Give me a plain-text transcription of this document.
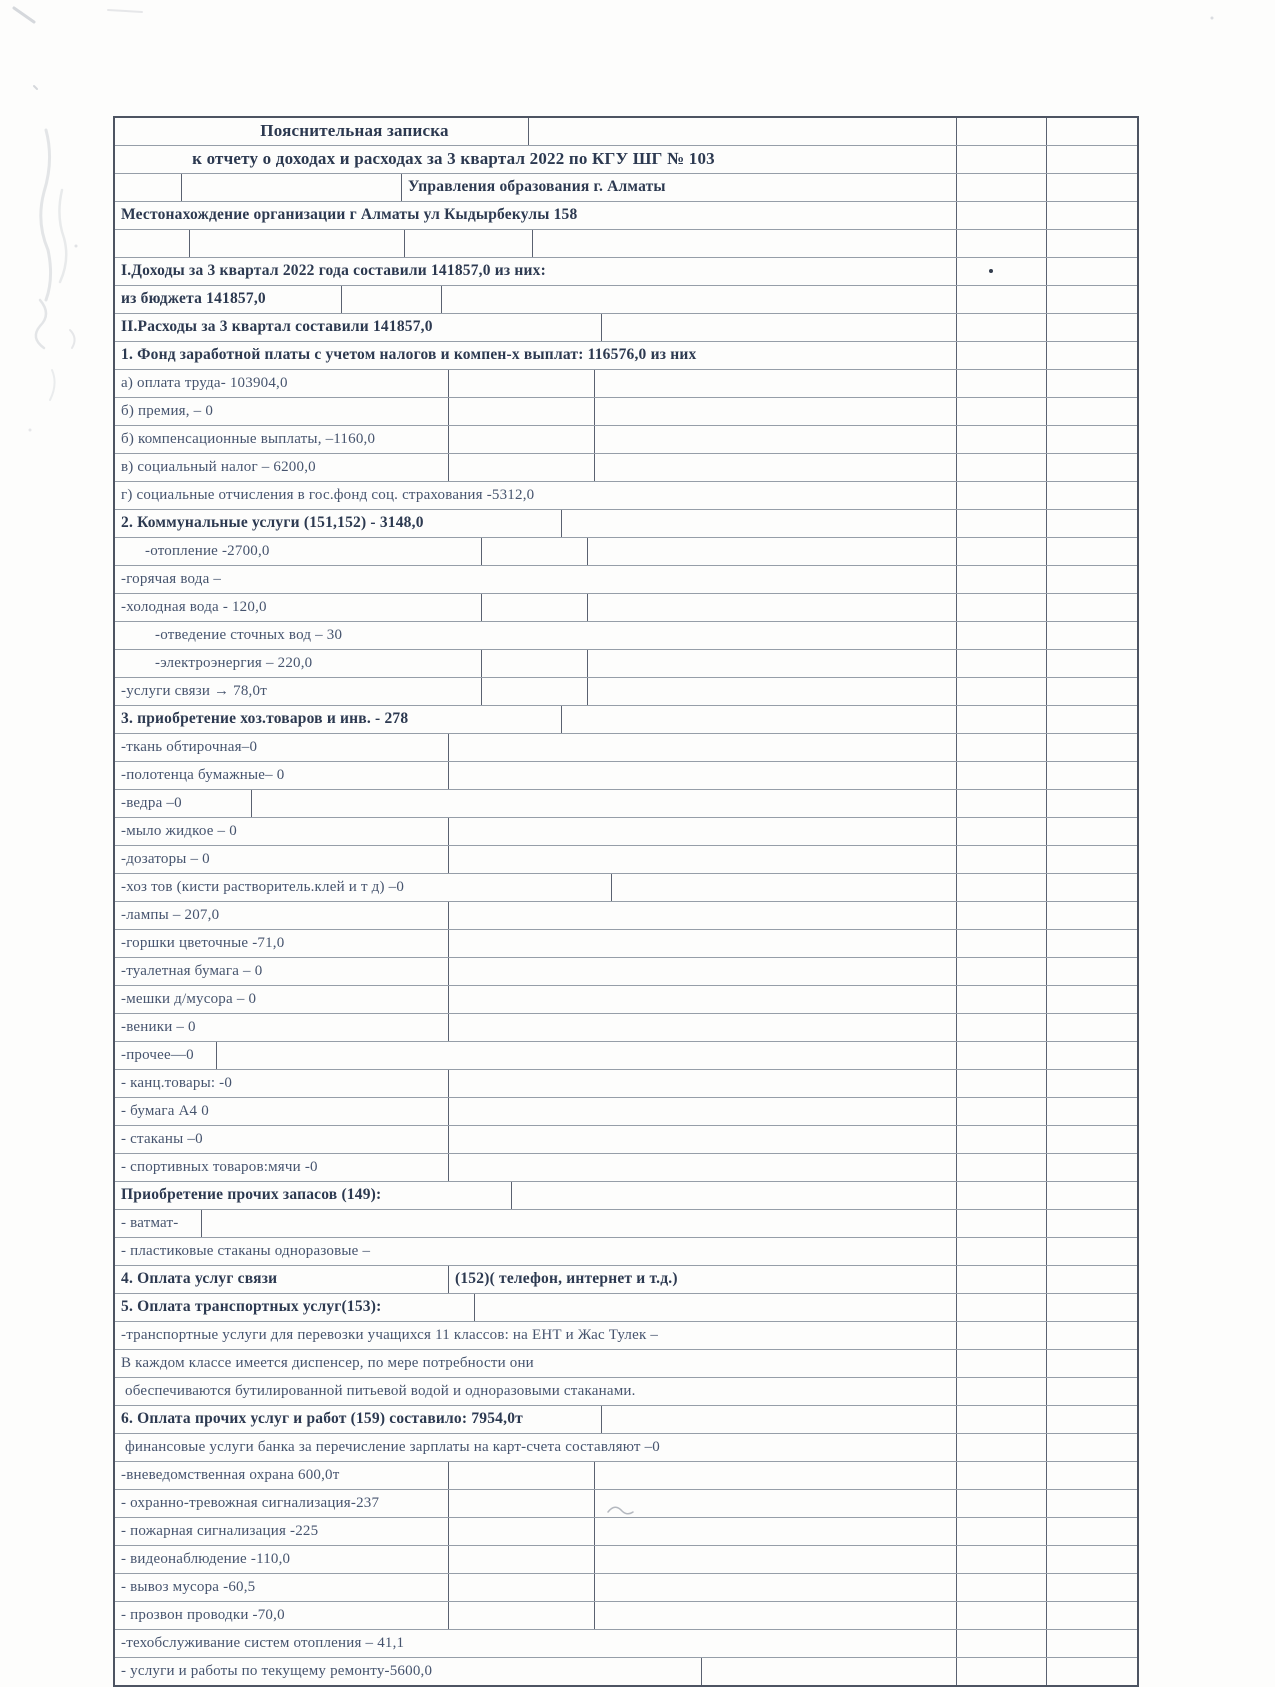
Пояснительная записка
к отчету о доходах и расходах за 3 квартал 2022 по КГУ ШГ № 103
Управления образования г. Алматы
Местонахождение организации г Алматы ул Кыдырбекулы 158
I.Доходы за 3 квартал 2022 года составили 141857,0 из них:
из бюджета 141857,0
II.Расходы за 3 квартал составили 141857,0
1. Фонд заработной платы с учетом налогов и компен-х выплат: 116576,0 из них
а) оплата труда- 103904,0
б) премия, – 0
б) компенсационные выплаты, –1160,0
в) социальный налог – 6200,0
г) социальные отчисления в гос.фонд соц. страхования -5312,0
2. Коммунальные услуги (151,152) - 3148,0
-отопление -2700,0
-горячая вода –
-холодная вода - 120,0
-отведение сточных вод – 30
-электроэнергия – 220,0
-услуги связи → 78,0т
3. приобретение хоз.товаров и инв. - 278
-ткань обтирочная–0
-полотенца бумажные– 0
-ведра –0
-мыло жидкое – 0
-дозаторы – 0
-хоз тов (кисти растворитель.клей и т д) –0
-лампы – 207,0
-горшки цветочные -71,0
-туалетная бумага – 0
-мешки д/мусора – 0
-веники – 0
-прочее—0
- канц.товары: -0
- бумага А4 0
- стаканы –0
- спортивных товаров:мячи -0
Приобретение прочих запасов (149):
- ватмат-
- пластиковые стаканы одноразовые –
4. Оплата услуг связи	(152)( телефон, интернет и т.д.)
5. Оплата транспортных услуг(153):
-транспортные услуги для перевозки учащихся 11 классов: на ЕНТ и Жас Тулек –
В каждом классе имеется диспенсер, по мере потребности они
обеспечиваются бутилированной питьевой водой и одноразовыми стаканами.
6. Оплата прочих услуг и работ (159) составило: 7954,0т
финансовые услуги банка за перечисление зарплаты на карт-счета составляют –0
-вневедомственная охрана 600,0т
- охранно-тревожная сигнализация-237
- пожарная сигнализация -225
- видеонаблюдение -110,0
- вывоз мусора -60,5
- прозвон проводки -70,0
-техобслуживание систем отопления – 41,1
- услуги и работы по текущему ремонту-5600,0
